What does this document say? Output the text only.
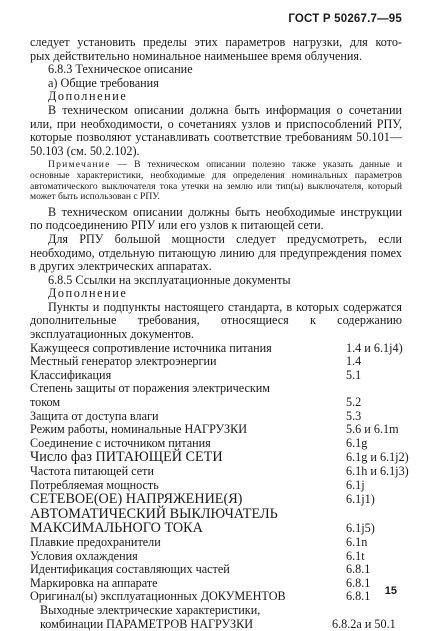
ГОСТ Р 50267.7—95

следует установить пределы этих параметров нагрузки, для кото-

рых действительно номинальное наименьшее время облучения.

6.8.3 Техническое описание

а) Общие требования

Дополнение

В техническом описании должна быть информация о сочетании или, при необходимости, о сочетаниях узлов и приспособлений РПУ, которые позволяют устанавливать соответствие требованиям 50.101—50.103 (см. 50.2.102).

Примечание — В техническом описании полезно также указать данные и основные характеристики, необходимые для определения номинальных параметров автоматического выключателя тока утечки на землю или тип(ы) выключателя, который может быть использован с РПУ.

В техническом описании должны быть необходимые инструкции по подсоединению РПУ или его узлов к питающей сети.

Для РПУ большой мощности следует предусмотреть, если необходимо, отдельную питающую линию для предупреждения помех в других электрических аппаратах.

6.8.5 Ссылки на эксплуатационные документы

Дополнение

Пункты и подпункты настоящего стандарта, в которых содержатся дополнительные требования, относящиеся к содержанию эксплуатационных документов.

Кажущееся сопротивление источника питания	1.4 и 6.1j4)
Местный генератор электроэнергии	1.4
Классификация	5.1
Степень защиты от поражения электрическим током	5.2
Защита от доступа влаги	5.3
Режим работы, номинальные НАГРУЗКИ	5.6 и 6.1m
Соединение с источником питания	6.1g
Число фаз ПИТАЮЩЕЙ СЕТИ	6.1g и 6.1j2)
Частота питающей сети	6.1h и 6.1j3)
Потребляемая мощность	6.1j
СЕТЕВОЕ(ОЕ) НАПРЯЖЕНИЕ(Я)	6.1j1)
АВТОМАТИЧЕСКИЙ ВЫКЛЮЧАТЕЛЬ МАКСИМАЛЬНОГО ТОКА	6.1j5)
Плавкие предохранители	6.1n
Условия охлаждения	6.1t
Идентификация составляющих частей	6.8.1
Маркировка на аппарате	6.8.1
Оригинал(ы) эксплуатационных ДОКУМЕНТОВ	6.8.1
Выходные электрические характеристики, комбинации ПАРАМЕТРОВ НАГРУЗКИ	6.8.2а и 50.1
15
